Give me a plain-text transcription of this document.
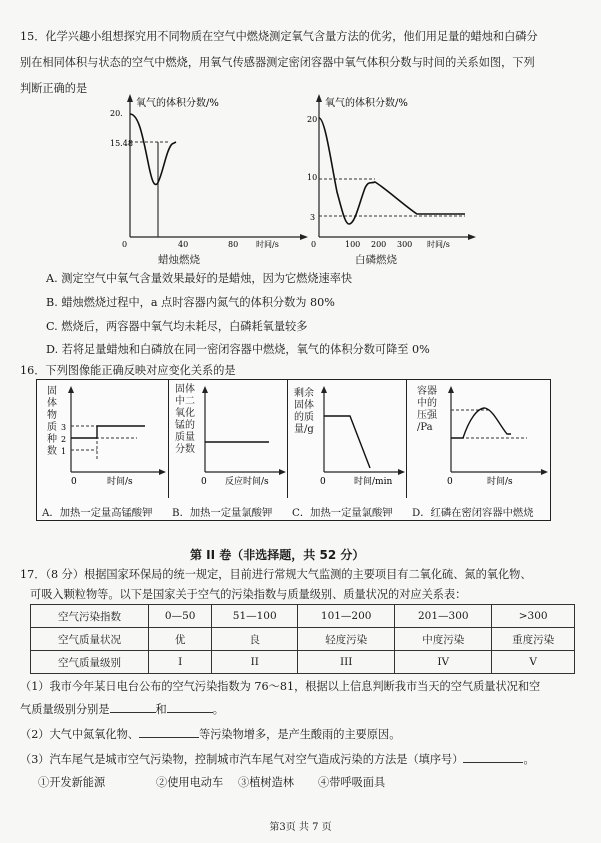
15．化学兴趣小组想探究用不同物质在空气中燃烧测定氧气含量方法的优劣，他们用足量的蜡烛和白磷分
别在相同体积与状态的空气中燃烧，用氧气传感器测定密闭容器中氧气体积分数与时间的关系如图，下列
判断正确的是
氧气的体积分数/%
20.
15.48
0	40	80 时间/s
蜡烛燃烧
氧气的体积分数/%
20
10
3
0	100 200 300 时间/s
白磷燃烧
A. 测定空气中氧气含量效果最好的是蜡烛，因为它燃烧速率快
B. 蜡烛燃烧过程中，a 点时容器内氮气的体积分数为 80%
C. 燃烧后，两容器中氧气均未耗尽，白磷耗氧量较多
D. 若将足量蜡烛和白磷放在同一密闭容器中燃烧，氧气的体积分数可降至 0%
16．下列图像能正确反映对应变化关系的是
3
2
1
0	时间/s
固
体
物
质
种
数
0 反应时间/s
固体
中二
氧化
锰的
质量
分数
0	时间/min
剩余
固体
的质
量/g
0	时间/s
容器
中的
压强
/Pa
A．加热一定量高锰酸钾 B．加热一定量氯酸钾 C．加热一定量氯酸钾 D．红磷在密闭容器中燃烧
第 II 卷（非选择题，共 52 分）
17．（8 分）根据国家环保局的统一规定，目前进行常规大气监测的主要项目有二氧化硫、氮的氧化物、
可吸入颗粒物等。以下是国家关于空气的污染指数与质量级别、质量状况的对应关系表：
空气污染指数	0—50	51—100	101—200	201—300	>300
空气质量状况	优	良	轻度污染	中度污染	重度污染
空气质量级别	I	II	III	IV	V
（1）我市今年某日电台公布的空气污染指数为 76～81，根据以上信息判断我市当天的空气质量状况和空
气质量级别分别是	和	。
（2）大气中氮氧化物、	等污染物增多，是产生酸雨的主要原因。
（3）汽车尾气是城市空气污染物，控制城市汽车尾气对空气造成污染的方法是（填序号）	。
①开发新能源	②使用电动车 ③植树造林 ④带呼吸面具
第3页 共 7 页
